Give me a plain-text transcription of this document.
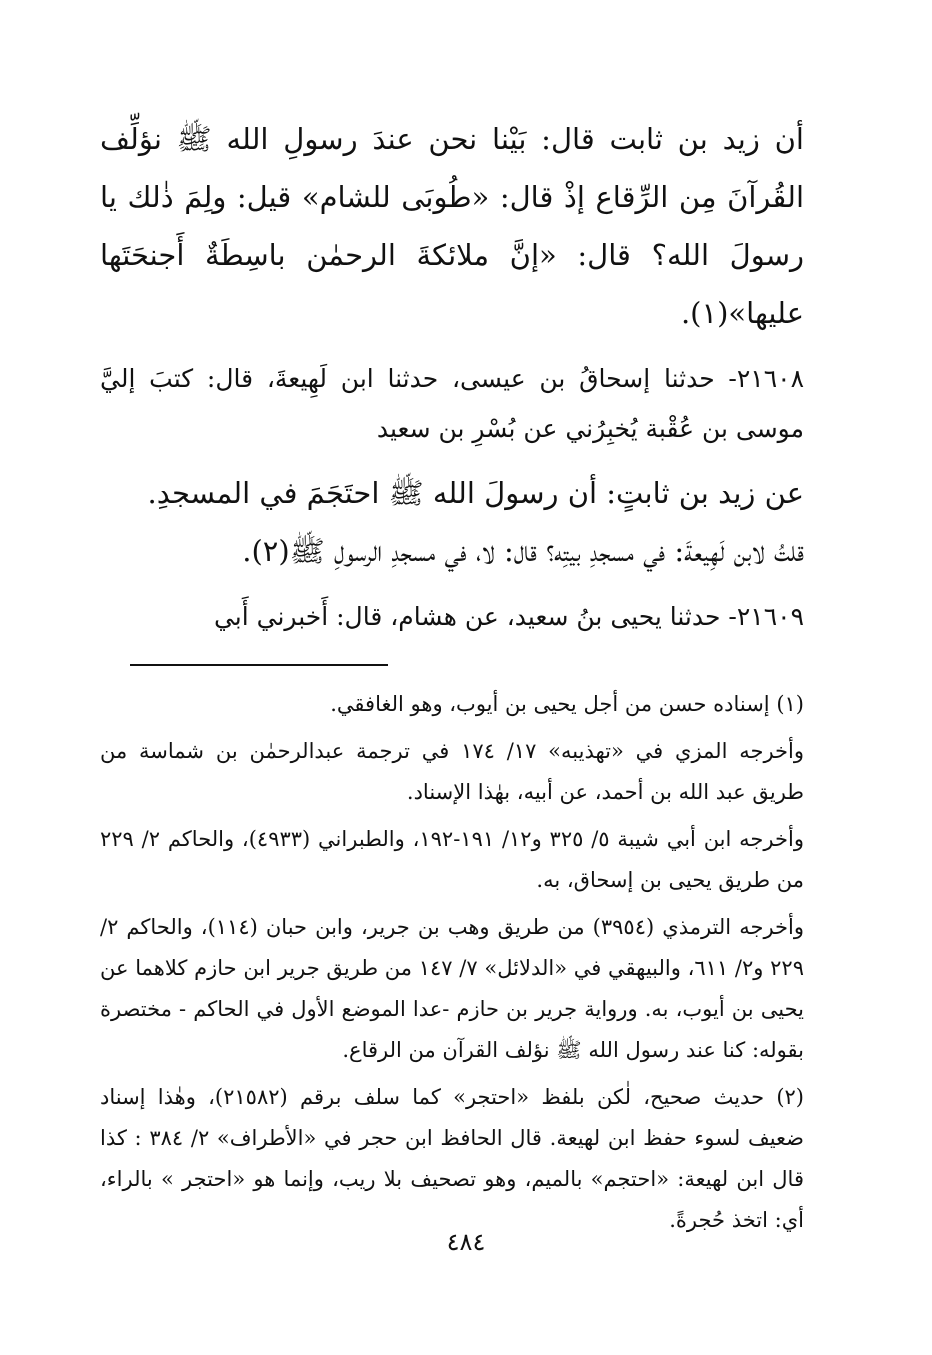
أن زيد بن ثابت قال: بَيْنا نحن عندَ رسولِ الله ﷺ نؤلِّف القُرآنَ مِن الرِّقاع إذْ قال: «طُوبَى للشام» قيل: ولِمَ ذٰلك يا رسولَ الله؟ قال: «إنَّ ملائكةَ الرحمٰن باسِطَةٌ أَجنحَتَها عليها»(١).

٢١٦٠٨- حدثنا إسحاقُ بن عيسى، حدثنا ابن لَهِيعةَ، قال: كتبَ إليَّ موسى بن عُقْبة يُخبِرُني عن بُسْرِ بن سعيد

عن زيد بن ثابتٍ: أن رسولَ الله ﷺ احتَجَمَ في المسجدِ.

قلتُ لابن لَهِيعةَ: في مسجدِ بيتِه؟ قال: لا، في مسجدِ الرسولِ ﷺ(٢).

٢١٦٠٩- حدثنا يحيى بنُ سعيد، عن هشام، قال: أَخبرني أَبي

(١) إسناده حسن من أجل يحيى بن أيوب، وهو الغافقي.

وأخرجه المزي في «تهذيبه» ١٧/ ١٧٤ في ترجمة عبدالرحمٰن بن شماسة من طريق عبد الله بن أحمد، عن أبيه، بهٰذا الإسناد.

وأخرجه ابن أبي شيبة ٥/ ٣٢٥ و١٢/ ١٩١-١٩٢، والطبراني (٤٩٣٣)، والحاكم ٢/ ٢٢٩ من طريق يحيى بن إسحاق، به.

وأخرجه الترمذي (٣٩٥٤) من طريق وهب بن جرير، وابن حبان (١١٤)، والحاكم ٢/ ٢٢٩ و٢/ ٦١١، والبيهقي في «الدلائل» ٧/ ١٤٧ من طريق جرير ابن حازم كلاهما عن يحيى بن أيوب، به. ورواية جرير بن حازم -عدا الموضع الأول في الحاكم - مختصرة بقوله: كنا عند رسول الله ﷺ نؤلف القرآن من الرقاع.

(٢) حديث صحيح، لٰكن بلفظ «احتجر» كما سلف برقم (٢١٥٨٢)، وهٰذا إسناد ضعيف لسوء حفظ ابن لهيعة. قال الحافظ ابن حجر في «الأطراف» ٢/ ٣٨٤ : كذا قال ابن لهيعة: «احتجم» بالميم، وهو تصحيف بلا ريب، وإنما هو «احتجر » بالراء، أي: اتخذ حُجرةً.

٤٨٤
